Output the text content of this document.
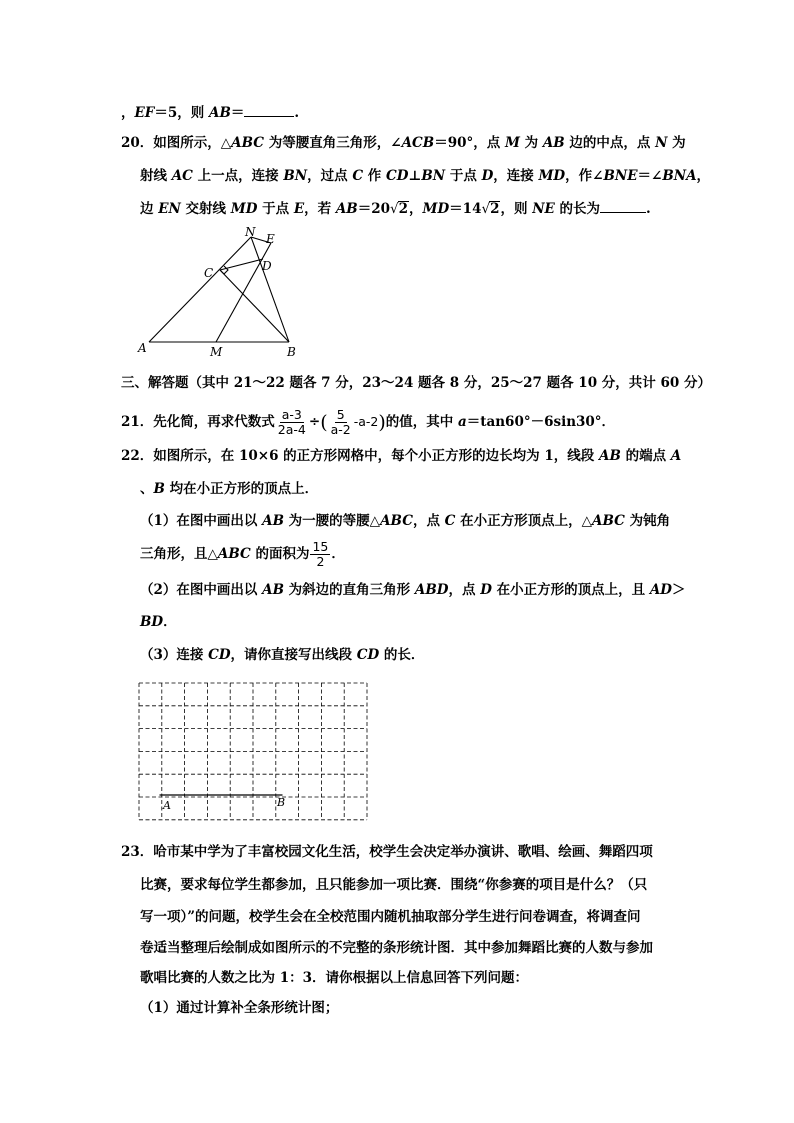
，EF＝5，则 AB＝	.
20．如图所示，△ABC 为等腰直角三角形，∠ACB＝90°，点 M 为 AB 边的中点，点 N 为
射线 AC 上一点，连接 BN，过点 C 作 CD⊥BN 于点 D，连接 MD，作∠BNE＝∠BNA，
边 EN 交射线 MD 于点 E，若 AB＝20√2，MD＝14√2，则 NE 的长为	.
A	M	B
C	D
N E
三、解答题（其中 21～22 题各 7 分，23～24 题各 8 分，25～27 题各 10 分，共计 60 分）
21．先化简，再求代数式 $\frac{a-3}{2a-4}$ ÷( $\frac{5}{a-2} -a-2$)的值，其中 a＝tan60°－6sin30°．
22．如图所示，在 10×6 的正方形网格中，每个小正方形的边长均为 1，线段 AB 的端点 A
、B 均在小正方形的顶点上．
（1）在图中画出以 AB 为一腰的等腰△ABC，点 C 在小正方形顶点上，△ABC 为钝角
三角形，且△ABC 的面积为 $\frac{15}{2}$ ．
（2）在图中画出以 AB 为斜边的直角三角形 ABD，点 D 在小正方形的顶点上，且 AD＞
BD．
（3）连接 CD，请你直接写出线段 CD 的长．
A	B
23．哈市某中学为了丰富校园文化生活，校学生会决定举办演讲、歌唱、绘画、舞蹈四项
比赛，要求每位学生都参加，且只能参加一项比赛．围绕“你参赛的项目是什么？（只
写一项）”的问题，校学生会在全校范围内随机抽取部分学生进行问卷调查，将调查问
卷适当整理后绘制成如图所示的不完整的条形统计图．其中参加舞蹈比赛的人数与参加
歌唱比赛的人数之比为 1：3．请你根据以上信息回答下列问题：
（1）通过计算补全条形统计图；
